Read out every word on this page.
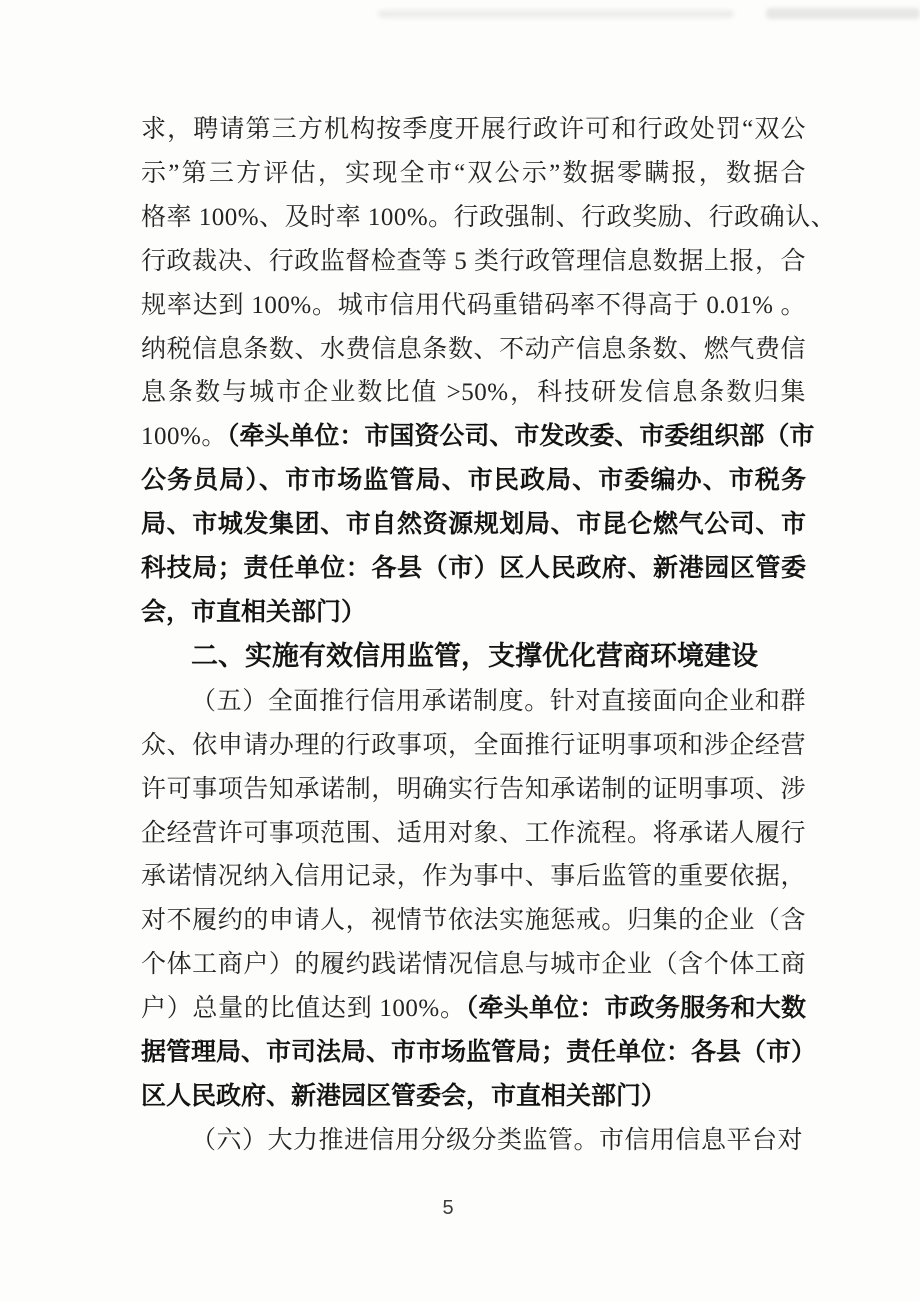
求，聘请第三方机构按季度开展行政许可和行政处罚“双公

示”第三方评估，实现全市“双公示”数据零瞒报，数据合

格率 100%、及时率 100%。行政强制、行政奖励、行政确认、

行政裁决、行政监督检查等 5 类行政管理信息数据上报，合

规率达到 100%。城市信用代码重错码率不得高于 0.01% 。

纳税信息条数、水费信息条数、不动产信息条数、燃气费信

息条数与城市企业数比值 >50%，科技研发信息条数归集

100%。（牵头单位：市国资公司、市发改委、市委组织部（市

公务员局）、市市场监管局、市民政局、市委编办、市税务

局、市城发集团、市自然资源规划局、市昆仑燃气公司、市

科技局；责任单位：各县（市）区人民政府、新港园区管委

会，市直相关部门）

二、实施有效信用监管，支撑优化营商环境建设

（五）全面推行信用承诺制度。针对直接面向企业和群

众、依申请办理的行政事项，全面推行证明事项和涉企经营

许可事项告知承诺制，明确实行告知承诺制的证明事项、涉

企经营许可事项范围、适用对象、工作流程。将承诺人履行

承诺情况纳入信用记录，作为事中、事后监管的重要依据，

对不履约的申请人，视情节依法实施惩戒。归集的企业（含

个体工商户）的履约践诺情况信息与城市企业（含个体工商

户）总量的比值达到 100%。（牵头单位：市政务服务和大数

据管理局、市司法局、市市场监管局；责任单位：各县（市）

区人民政府、新港园区管委会，市直相关部门）

（六）大力推进信用分级分类监管。市信用信息平台对

5
